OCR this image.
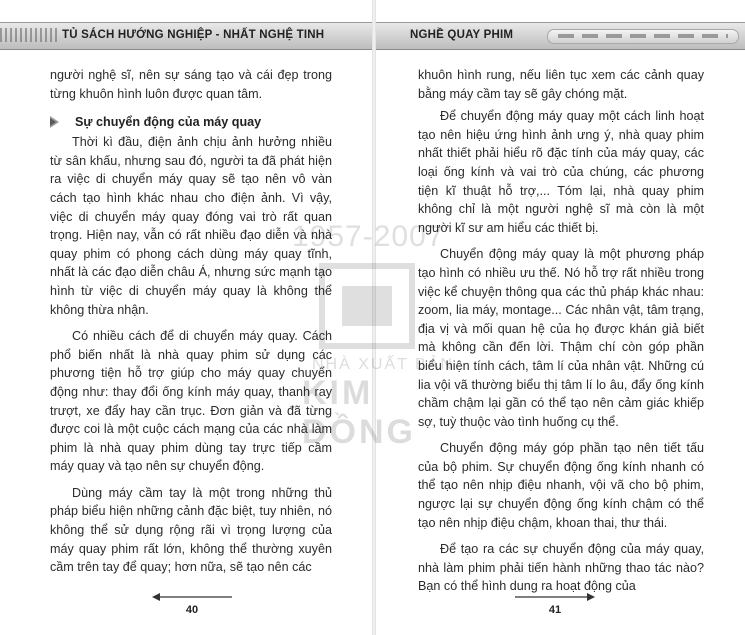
TỦ SÁCH HƯỚNG NGHIỆP - NHẤT NGHỆ TINH	NGHỀ QUAY PHIM
1957-2007
NHÀ XUẤT BẢN
KIM ĐỒNG

người nghệ sĩ, nên sự sáng tạo và cái đẹp trong từng khuôn hình luôn được quan tâm.

Sự chuyển động của máy quay

Thời kì đầu, điện ảnh chịu ảnh hưởng nhiều từ sân khấu, nhưng sau đó, người ta đã phát hiện ra việc di chuyển máy quay sẽ tạo nên vô vàn cách tạo hình khác nhau cho điện ảnh. Vì vậy, việc di chuyển máy quay đóng vai trò rất quan trọng. Hiện nay, vẫn có rất nhiều đạo diễn và nhà quay phim có phong cách dùng máy quay tĩnh, nhất là các đạo diễn châu Á, nhưng sức mạnh tạo hình từ việc di chuyển máy quay là không thể không thừa nhận.

Có nhiều cách để di chuyển máy quay. Cách phổ biến nhất là nhà quay phim sử dụng các phương tiện hỗ trợ giúp cho máy quay chuyển động như: thay đổi ống kính máy quay, thanh ray trượt, xe đẩy hay cần trục. Đơn giản và đã từng được coi là một cuộc cách mạng của các nhà làm phim là nhà quay phim dùng tay trực tiếp cầm máy quay và tạo nên sự chuyển động.

Dùng máy cầm tay là một trong những thủ pháp biểu hiện những cảnh đặc biệt, tuy nhiên, nó không thể sử dụng rộng rãi vì trọng lượng của máy quay phim rất lớn, không thể thường xuyên cầm trên tay để quay; hơn nữa, sẽ tạo nên các

khuôn hình rung, nếu liên tục xem các cảnh quay bằng máy cầm tay sẽ gây chóng mặt.

Để chuyển động máy quay một cách linh hoạt tạo nên hiệu ứng hình ảnh ưng ý, nhà quay phim nhất thiết phải hiểu rõ đặc tính của máy quay, các loại ống kính và vai trò của chúng, các phương tiện kĩ thuật hỗ trợ,... Tóm lại, nhà quay phim không chỉ là một người nghệ sĩ mà còn là một người kĩ sư am hiểu các thiết bị.

Chuyển động máy quay là một phương pháp tạo hình có nhiều ưu thế. Nó hỗ trợ rất nhiều trong việc kể chuyện thông qua các thủ pháp khác nhau: zoom, lia máy, montage... Các nhân vật, tâm trạng, địa vị và mối quan hệ của họ được khán giả biết mà không cần đến lời. Thậm chí còn góp phần biểu hiện tính cách, tâm lí của nhân vật. Những cú lia vội vã thường biểu thị tâm lí lo âu, đẩy ống kính chầm chậm lại gần có thể tạo nên cảm giác khiếp sợ, tuỳ thuộc vào tình huống cụ thể.

Chuyển động máy góp phần tạo nên tiết tấu của bộ phim. Sự chuyển động ống kính nhanh có thể tạo nên nhịp điệu nhanh, vội vã cho bộ phim, ngược lại sự chuyển động ống kính chậm có thể tạo nên nhịp điệu chậm, khoan thai, thư thái.

Để tạo ra các sự chuyển động của máy quay, nhà làm phim phải tiến hành những thao tác nào? Bạn có thể hình dung ra hoạt động của

40	41
